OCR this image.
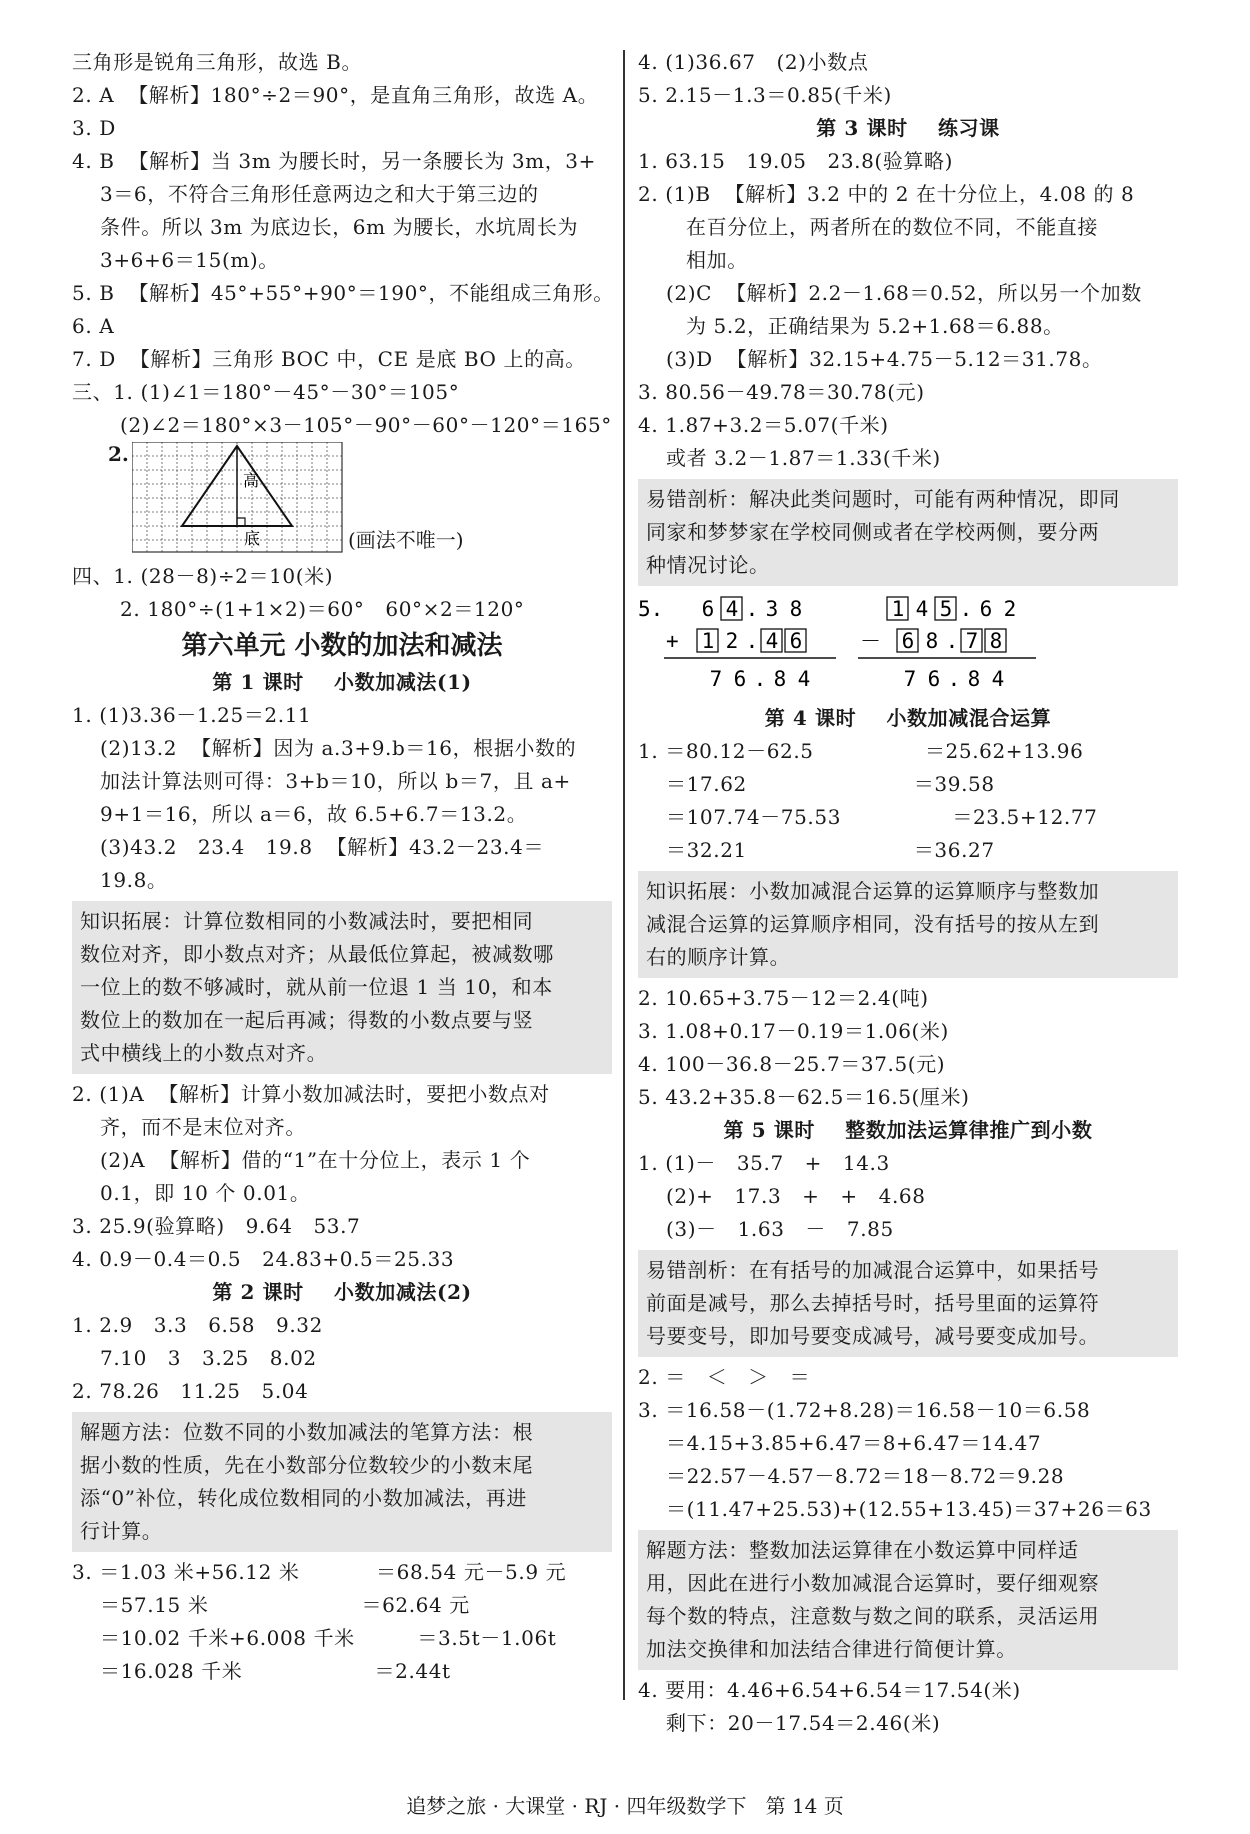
三角形是锐角三角形，故选 B。
2. A  【解析】180°÷2＝90°，是直角三角形，故选 A。
3. D
4. B  【解析】当 3m 为腰长时，另一条腰长为 3m，3+
3＝6，不符合三角形任意两边之和大于第三边的
条件。所以 3m 为底边长，6m 为腰长，水坑周长为
3+6+6＝15(m)。
5. B  【解析】45°+55°+90°＝190°，不能组成三角形。
6. A
7. D  【解析】三角形 BOC 中，CE 是底 BO 上的高。
三、1. (1)∠1＝180°－45°－30°＝105°
(2)∠2＝180°×3－105°－90°－60°－120°＝165°
2.
高
底	(画法不唯一)
四、1. (28－8)÷2＝10(米)
2. 180°÷(1+1×2)＝60°   60°×2＝120°
第六单元 小数的加法和减法
第 1 课时    小数加减法(1)
1. (1)3.36－1.25＝2.11
(2)13.2  【解析】因为 a.3+9.b＝16，根据小数的
加法计算法则可得：3+b＝10，所以 b＝7，且 a+
9+1＝16，所以 a＝6，故 6.5+6.7＝13.2。
(3)43.2   23.4   19.8  【解析】43.2－23.4＝
19.8。
知识拓展：计算位数相同的小数减法时，要把相同
数位对齐，即小数点对齐；从最低位算起，被减数哪
一位上的数不够减时，就从前一位退 1 当 10，和本
数位上的数加在一起后再减；得数的小数点要与竖
式中横线上的小数点对齐。
2. (1)A  【解析】计算小数加减法时，要把小数点对
齐，而不是末位对齐。
(2)A  【解析】借的“1”在十分位上，表示 1 个
0.1，即 10 个 0.01。
3. 25.9(验算略)   9.64   53.7
4. 0.9－0.4＝0.5   24.83+0.5＝25.33
第 2 课时    小数加减法(2)
1. 2.9   3.3   6.58   9.32
7.10   3   3.25   8.02
2. 78.26   11.25   5.04
解题方法：位数不同的小数加减法的笔算方法：根
据小数的性质，先在小数部分位数较少的小数末尾
添“0”补位，转化成位数相同的小数加减法，再进
行计算。
3. ＝1.03 米+56.12 米           ＝68.54 元－5.9 元
＝57.15 米                      ＝62.64 元
＝10.02 千米+6.008 千米         ＝3.5t－1.06t
＝16.028 千米                   ＝2.44t
4. (1)36.67   (2)小数点
5. 2.15－1.3＝0.85(千米)
第 3 课时    练习课
1. 63.15   19.05   23.8(验算略)
2. (1)B  【解析】3.2 中的 2 在十分位上，4.08 的 8
在百分位上，两者所在的数位不同，不能直接
相加。
(2)C  【解析】2.2－1.68＝0.52，所以另一个加数
为 5.2，正确结果为 5.2+1.68＝6.88。
(3)D  【解析】32.15+4.75－5.12＝31.78。
3. 80.56－49.78＝30.78(元)
4. 1.87+3.2＝5.07(千米)
或者 3.2－1.87＝1.33(千米)
易错剖析：解决此类问题时，可能有两种情况，即同
同家和梦梦家在学校同侧或者在学校两侧，要分两
种情况讨论。
5. 6 4 . 3 8
+ 1 2 . 4 6
7 6 . 8 4
1 4 5 . 6 2
－ 6 8 . 7 8
7 6 . 8 4
第 4 课时    小数加减混合运算
1. ＝80.12－62.5                ＝25.62+13.96
＝17.62                        ＝39.58
＝107.74－75.53                ＝23.5+12.77
＝32.21                        ＝36.27
知识拓展：小数加减混合运算的运算顺序与整数加
减混合运算的运算顺序相同，没有括号的按从左到
右的顺序计算。
2. 10.65+3.75－12＝2.4(吨)
3. 1.08+0.17－0.19＝1.06(米)
4. 100－36.8－25.7＝37.5(元)
5. 43.2+35.8－62.5＝16.5(厘米)
第 5 课时    整数加法运算律推广到小数
1. (1)－   35.7   +   14.3
(2)+   17.3   +   +   4.68
(3)－   1.63   －   7.85
易错剖析：在有括号的加减混合运算中，如果括号
前面是减号，那么去掉括号时，括号里面的运算符
号要变号，即加号要变成减号，减号要变成加号。
2. ＝   ＜   ＞   ＝
3. ＝16.58－(1.72+8.28)＝16.58－10＝6.58
＝4.15+3.85+6.47＝8+6.47＝14.47
＝22.57－4.57－8.72＝18－8.72＝9.28
＝(11.47+25.53)+(12.55+13.45)＝37+26＝63
解题方法：整数加法运算律在小数运算中同样适
用，因此在进行小数加减混合运算时，要仔细观察
每个数的特点，注意数与数之间的联系，灵活运用
加法交换律和加法结合律进行简便计算。
4. 要用：4.46+6.54+6.54＝17.54(米)
剩下：20－17.54＝2.46(米)
追梦之旅 · 大课堂 · RJ · 四年级数学下   第 14 页
